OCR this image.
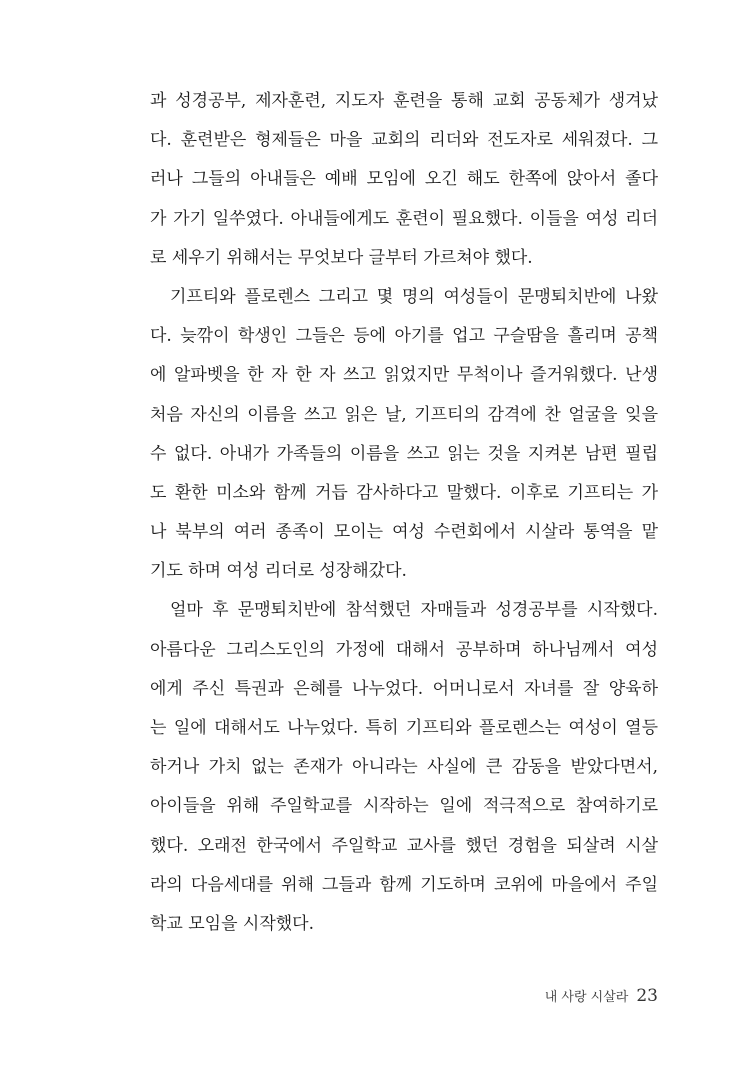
과 성경공부, 제자훈련, 지도자 훈련을 통해 교회 공동체가 생겨났
다. 훈련받은 형제들은 마을 교회의 리더와 전도자로 세워졌다. 그
러나 그들의 아내들은 예배 모임에 오긴 해도 한쪽에 앉아서 졸다
가 가기 일쑤였다. 아내들에게도 훈련이 필요했다. 이들을 여성 리더
로 세우기 위해서는 무엇보다 글부터 가르쳐야 했다.
기프티와 플로렌스 그리고 몇 명의 여성들이 문맹퇴치반에 나왔
다. 늦깎이 학생인 그들은 등에 아기를 업고 구슬땀을 흘리며 공책
에 알파벳을 한 자 한 자 쓰고 읽었지만 무척이나 즐거워했다. 난생
처음 자신의 이름을 쓰고 읽은 날, 기프티의 감격에 찬 얼굴을 잊을
수 없다. 아내가 가족들의 이름을 쓰고 읽는 것을 지켜본 남편 필립
도 환한 미소와 함께 거듭 감사하다고 말했다. 이후로 기프티는 가
나 북부의 여러 종족이 모이는 여성 수련회에서 시살라 통역을 맡
기도 하며 여성 리더로 성장해갔다.
얼마 후 문맹퇴치반에 참석했던 자매들과 성경공부를 시작했다.
아름다운 그리스도인의 가정에 대해서 공부하며 하나님께서 여성
에게 주신 특권과 은혜를 나누었다. 어머니로서 자녀를 잘 양육하
는 일에 대해서도 나누었다. 특히 기프티와 플로렌스는 여성이 열등
하거나 가치 없는 존재가 아니라는 사실에 큰 감동을 받았다면서,
아이들을 위해 주일학교를 시작하는 일에 적극적으로 참여하기로
했다. 오래전 한국에서 주일학교 교사를 했던 경험을 되살려 시살
라의 다음세대를 위해 그들과 함께 기도하며 코위에 마을에서 주일
학교 모임을 시작했다.
내 사랑 시살라 23
